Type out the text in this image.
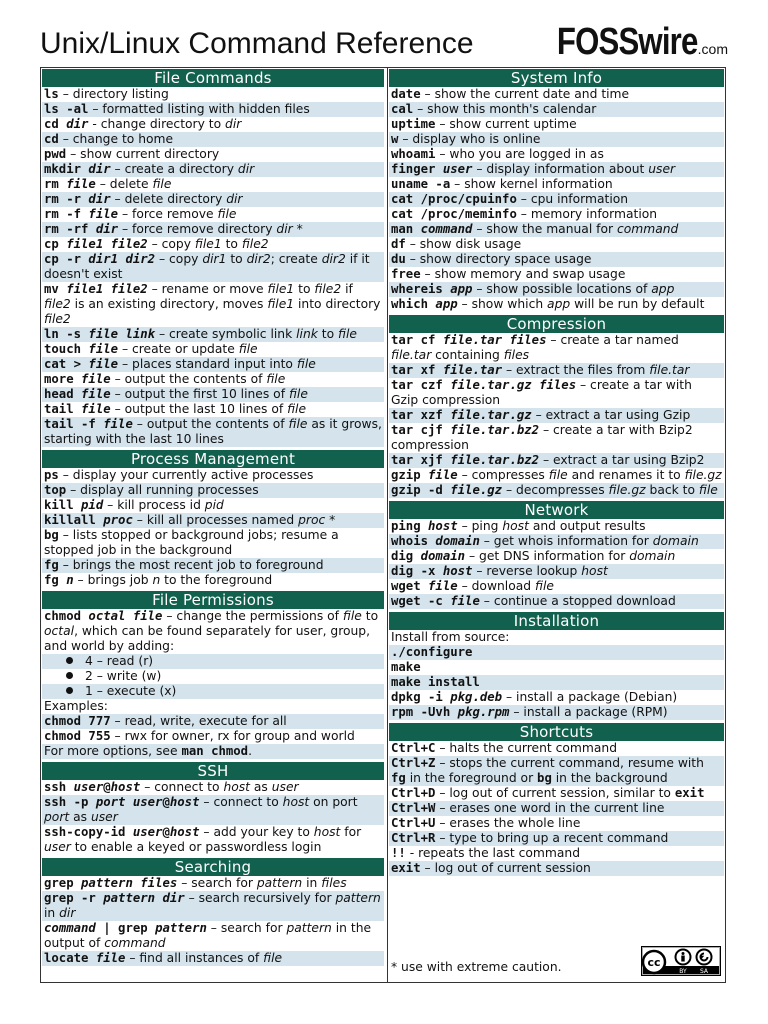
Unix/Linux Command Reference	FOSSwire.com
File Commands
ls – directory listing
ls -al – formatted listing with hidden files
cd dir - change directory to dir
cd – change to home
pwd – show current directory
mkdir dir – create a directory dir
rm file – delete file
rm -r dir – delete directory dir
rm -f file – force remove file
rm -rf dir – force remove directory dir *
cp file1 file2 – copy file1 to file2
cp -r dir1 dir2 – copy dir1 to dir2; create dir2 if it doesn't exist
mv file1 file2 – rename or move file1 to file2 if file2 is an existing directory, moves file1 into directory file2
ln -s file link – create symbolic link link to file
touch file – create or update file
cat > file – places standard input into file
more file – output the contents of file
head file – output the first 10 lines of file
tail file – output the last 10 lines of file
tail -f file – output the contents of file as it grows, starting with the last 10 lines
Process Management
ps – display your currently active processes
top – display all running processes
kill pid – kill process id pid
killall proc – kill all processes named proc *
bg – lists stopped or background jobs; resume a stopped job in the background
fg – brings the most recent job to foreground
fg n – brings job n to the foreground
File Permissions
chmod octal file – change the permissions of file to octal, which can be found separately for user, group, and world by adding:
4 – read (r)
2 – write (w)
1 – execute (x)
Examples:
chmod 777 – read, write, execute for all
chmod 755 – rwx for owner, rx for group and world
For more options, see man chmod.
SSH
ssh user@host – connect to host as user
ssh -p port user@host – connect to host on port port as user
ssh-copy-id user@host – add your key to host for user to enable a keyed or passwordless login
Searching
grep pattern files – search for pattern in files
grep -r pattern dir – search recursively for pattern in dir
command | grep pattern – search for pattern in the output of command
locate file – find all instances of file
System Info
date – show the current date and time
cal – show this month's calendar
uptime – show current uptime
w – display who is online
whoami – who you are logged in as
finger user – display information about user
uname -a – show kernel information
cat /proc/cpuinfo – cpu information
cat /proc/meminfo – memory information
man command – show the manual for command
df – show disk usage
du – show directory space usage
free – show memory and swap usage
whereis app – show possible locations of app
which app – show which app will be run by default
Compression
tar cf file.tar files – create a tar named file.tar containing files
tar xf file.tar – extract the files from file.tar
tar czf file.tar.gz files – create a tar with Gzip compression
tar xzf file.tar.gz – extract a tar using Gzip
tar cjf file.tar.bz2 – create a tar with Bzip2 compression
tar xjf file.tar.bz2 – extract a tar using Bzip2
gzip file – compresses file and renames it to file.gz
gzip -d file.gz – decompresses file.gz back to file
Network
ping host – ping host and output results
whois domain – get whois information for domain
dig domain – get DNS information for domain
dig -x host – reverse lookup host
wget file – download file
wget -c file – continue a stopped download
Installation
Install from source:
./configure
make
make install
dpkg -i pkg.deb – install a package (Debian)
rpm -Uvh pkg.rpm – install a package (RPM)
Shortcuts
Ctrl+C – halts the current command
Ctrl+Z – stops the current command, resume with fg in the foreground or bg in the background
Ctrl+D – log out of current session, similar to exit
Ctrl+W – erases one word in the current line
Ctrl+U – erases the whole line
Ctrl+R – type to bring up a recent command
!! - repeats the last command
exit – log out of current session
* use with extreme caution.	cc
BY SA
